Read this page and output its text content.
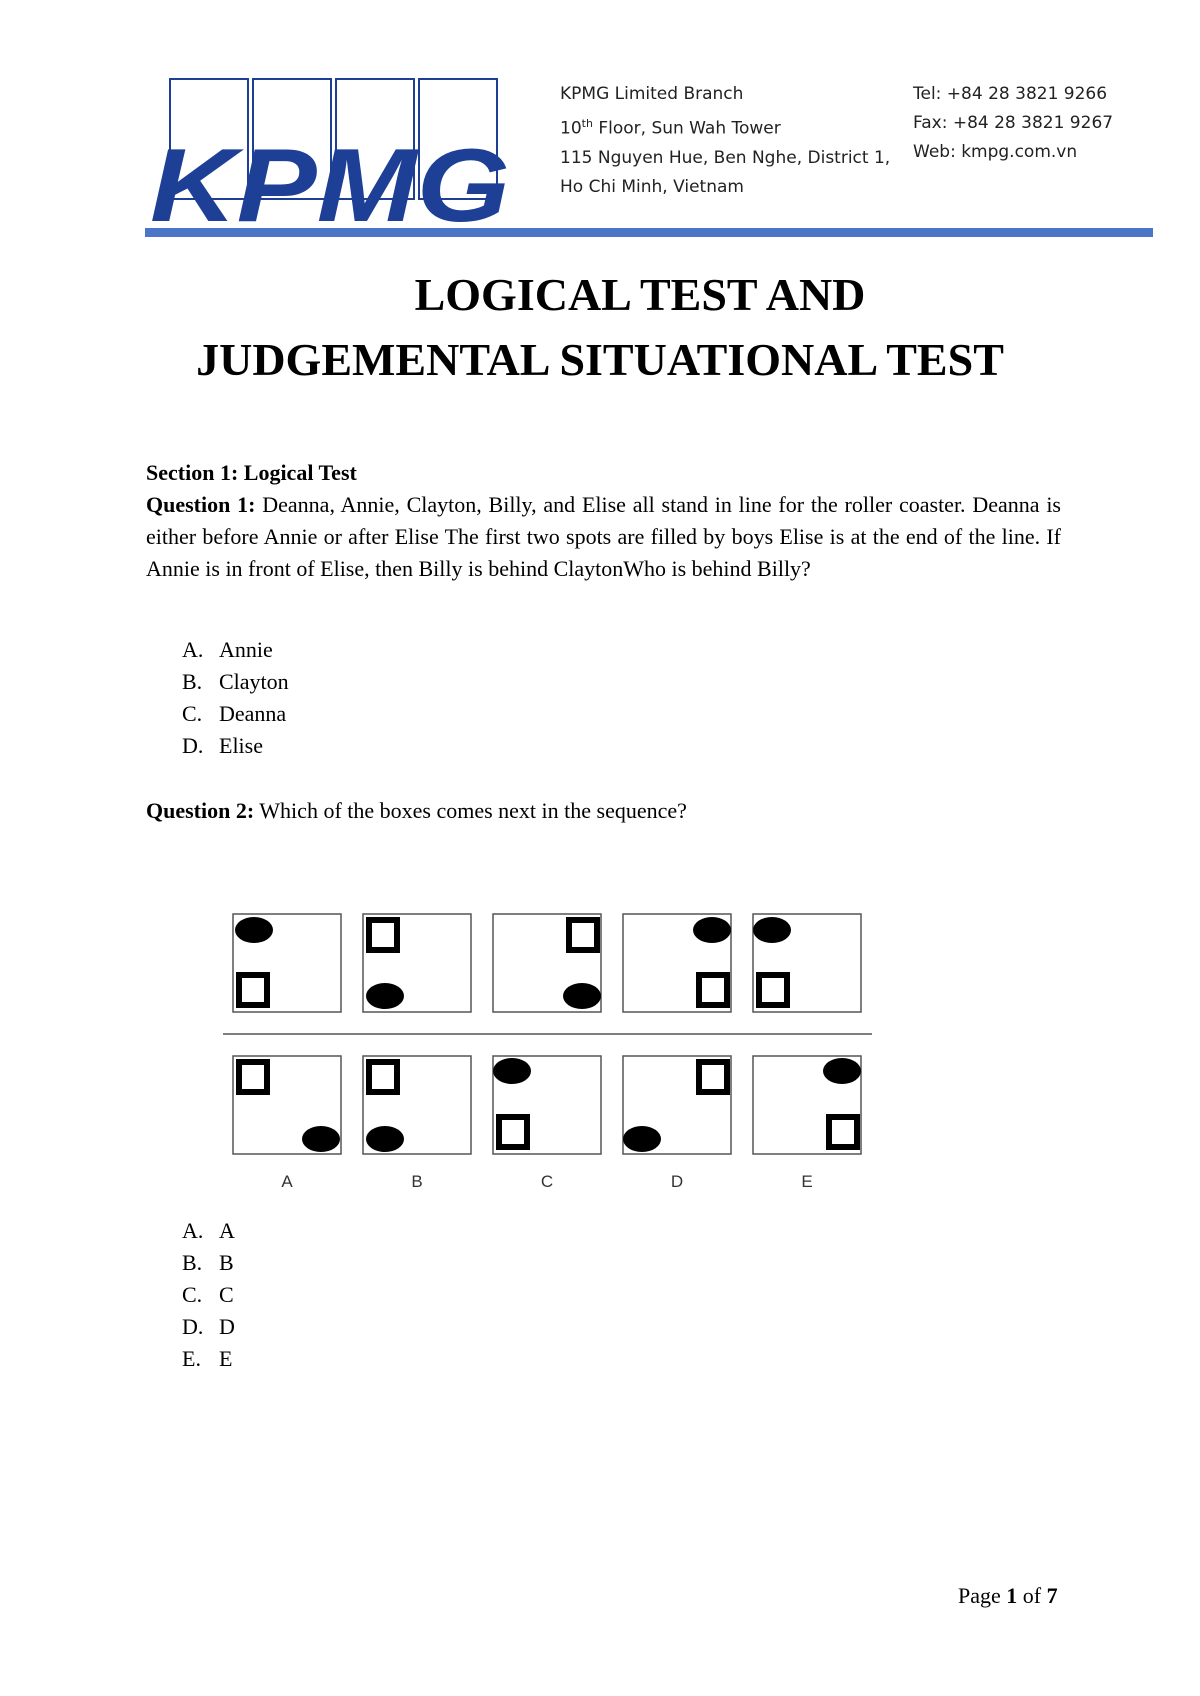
KPMG
KPMG Limited Branch
10th Floor, Sun Wah Tower
115 Nguyen Hue, Ben Nghe, District 1,
Ho Chi Minh, Vietnam
Tel: +84 28 3821 9266
Fax: +84 28 3821 9267
Web: kmpg.com.vn
LOGICAL TEST AND
JUDGEMENTAL SITUATIONAL TEST
Section 1: Logical Test
Question 1: Deanna, Annie, Clayton, Billy, and Elise all stand in line for the roller coaster. Deanna is either before Annie or after Elise The first two spots are filled by boys Elise is at the end of the line. If Annie is in front of Elise, then Billy is behind ClaytonWho is behind Billy?
A. Annie
B. Clayton
C. Deanna
D. Elise
Question 2: Which of the boxes comes next in the sequence?
A	B	C	D	E
A. A
B. B
C. C
D. D
E. E
Page 1 of 7
